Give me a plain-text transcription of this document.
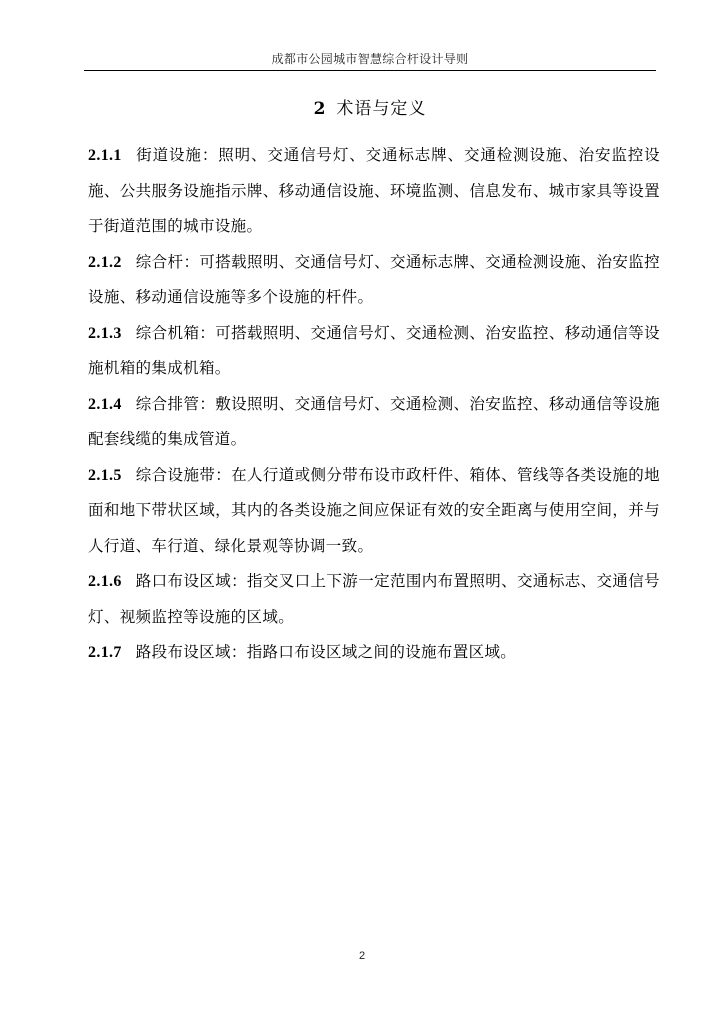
成都市公园城市智慧综合杆设计导则
2 术语与定义

2.1.1 街道设施：照明、交通信号灯、交通标志牌、交通检测设施、治安监控设施、公共服务设施指示牌、移动通信设施、环境监测、信息发布、城市家具等设置于街道范围的城市设施。

2.1.2 综合杆：可搭载照明、交通信号灯、交通标志牌、交通检测设施、治安监控设施、移动通信设施等多个设施的杆件。

2.1.3 综合机箱：可搭载照明、交通信号灯、交通检测、治安监控、移动通信等设施机箱的集成机箱。

2.1.4 综合排管：敷设照明、交通信号灯、交通检测、治安监控、移动通信等设施配套线缆的集成管道。

2.1.5 综合设施带：在人行道或侧分带布设市政杆件、箱体、管线等各类设施的地面和地下带状区域，其内的各类设施之间应保证有效的安全距离与使用空间，并与人行道、车行道、绿化景观等协调一致。

2.1.6 路口布设区域：指交叉口上下游一定范围内布置照明、交通标志、交通信号灯、视频监控等设施的区域。

2.1.7 路段布设区域：指路口布设区域之间的设施布置区域。

2
